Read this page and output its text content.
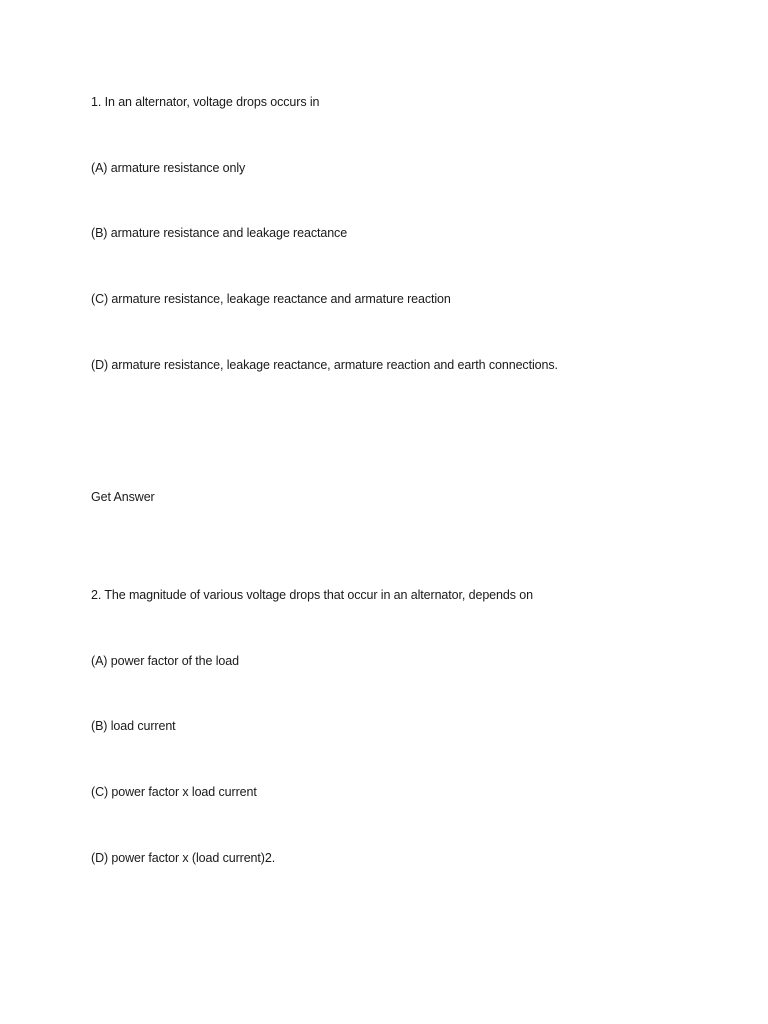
1. In an alternator, voltage drops occurs in
(A) armature resistance only
(B) armature resistance and leakage reactance
(C) armature resistance, leakage reactance and armature reaction
(D) armature resistance, leakage reactance, armature reaction and earth connections.
Get Answer
2. The magnitude of various voltage drops that occur in an alternator, depends on
(A) power factor of the load
(B) load current
(C) power factor x load current
(D) power factor x (load current)2.
